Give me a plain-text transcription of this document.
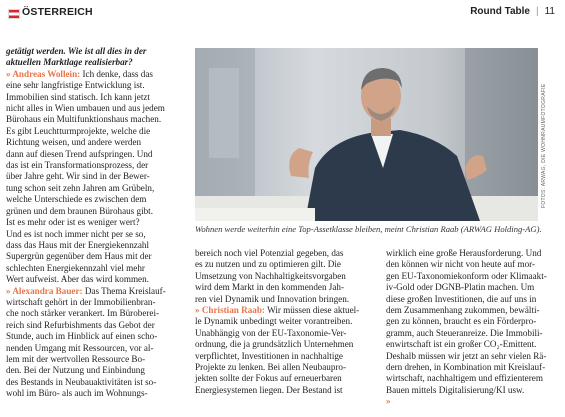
ÖSTERREICH	Round Table | 11
getätigt werden. Wie ist all dies in der
aktuellen Marktlage realisierbar?
» Andreas Wollein: Ich denke, dass das
eine sehr langfristige Entwicklung ist.
Immobilien sind statisch. Ich kann jetzt
nicht alles in Wien umbauen und aus jedem
Bürohaus ein Multifunktionshaus machen.
Es gibt Leuchtturmprojekte, welche die
Richtung weisen, und andere werden
dann auf diesen Trend aufspringen. Und
das ist ein Transformationsprozess, der
über Jahre geht. Wir sind in der Bewer-
tung schon seit zehn Jahren am Grübeln,
welche Unterschiede es zwischen dem
grünen und dem braunen Bürohaus gibt.
Ist es mehr oder ist es weniger wert?
Und es ist noch immer nicht per se so,
dass das Haus mit der Energiekennzahl
Supergrün gegenüber dem Haus mit der
schlechten Energiekennzahl viel mehr
Wert aufweist. Aber das wird kommen.
» Alexandra Bauer: Das Thema Kreislauf-
wirtschaft gehört in der Immobilienbran-
che noch stärker verankert. Im Büroberei-
reich sind Refurbishments das Gebot der
Stunde, auch im Hinblick auf einen scho-
nenden Umgang mit Ressourcen, vor al-
lem mit der wertvollen Ressource Bo-
den. Bei der Nutzung und Einbindung
des Bestands in Neubauaktivitäten ist so-
wohl im Büro- als auch im Wohnungs-
FOTOS: ARWAG, DIE WOHNRAUMFOTOGRAFIE
Wohnen werde weiterhin eine Top-Assetklasse bleiben, meint Christian Raab (ARWAG Holding-AG).
bereich noch viel Potenzial gegeben, das
es zu nutzen und zu optimieren gilt. Die
Umsetzung von Nachhaltigkeitsvorgaben
wird dem Markt in den kommenden Jah-
ren viel Dynamik und Innovation bringen.
» Christian Raab: Wir müssen diese aktuel-
le Dynamik unbedingt weiter vorantreiben.
Unabhängig von der EU-Taxonomie-Ver-
ordnung, die ja grundsätzlich Unternehmen
verpflichtet, Investitionen in nachhaltige
Projekte zu lenken. Bei allen Neubaupro-
jekten sollte der Fokus auf erneuerbaren
Energiesystemen liegen. Der Bestand ist
wirklich eine große Herausforderung. Und
den können wir nicht von heute auf mor-
gen EU-Taxonomiekonform oder Klimaakt-
iv-Gold oder DGNB-Platin machen. Um
diese großen Investitionen, die auf uns in
dem Zusammenhang zukommen, bewälti-
gen zu können, braucht es ein Förderpro-
gramm, auch Steueranreize. Die Immobili-
enwirtschaft ist ein großer CO₂-Emittent.
Deshalb müssen wir jetzt an sehr vielen Rä-
dern drehen, in Kombination mit Kreislauf-
wirtschaft, nachhaltigem und effizienterem
Bauen mittels Digitalisierung/KI usw.
»
